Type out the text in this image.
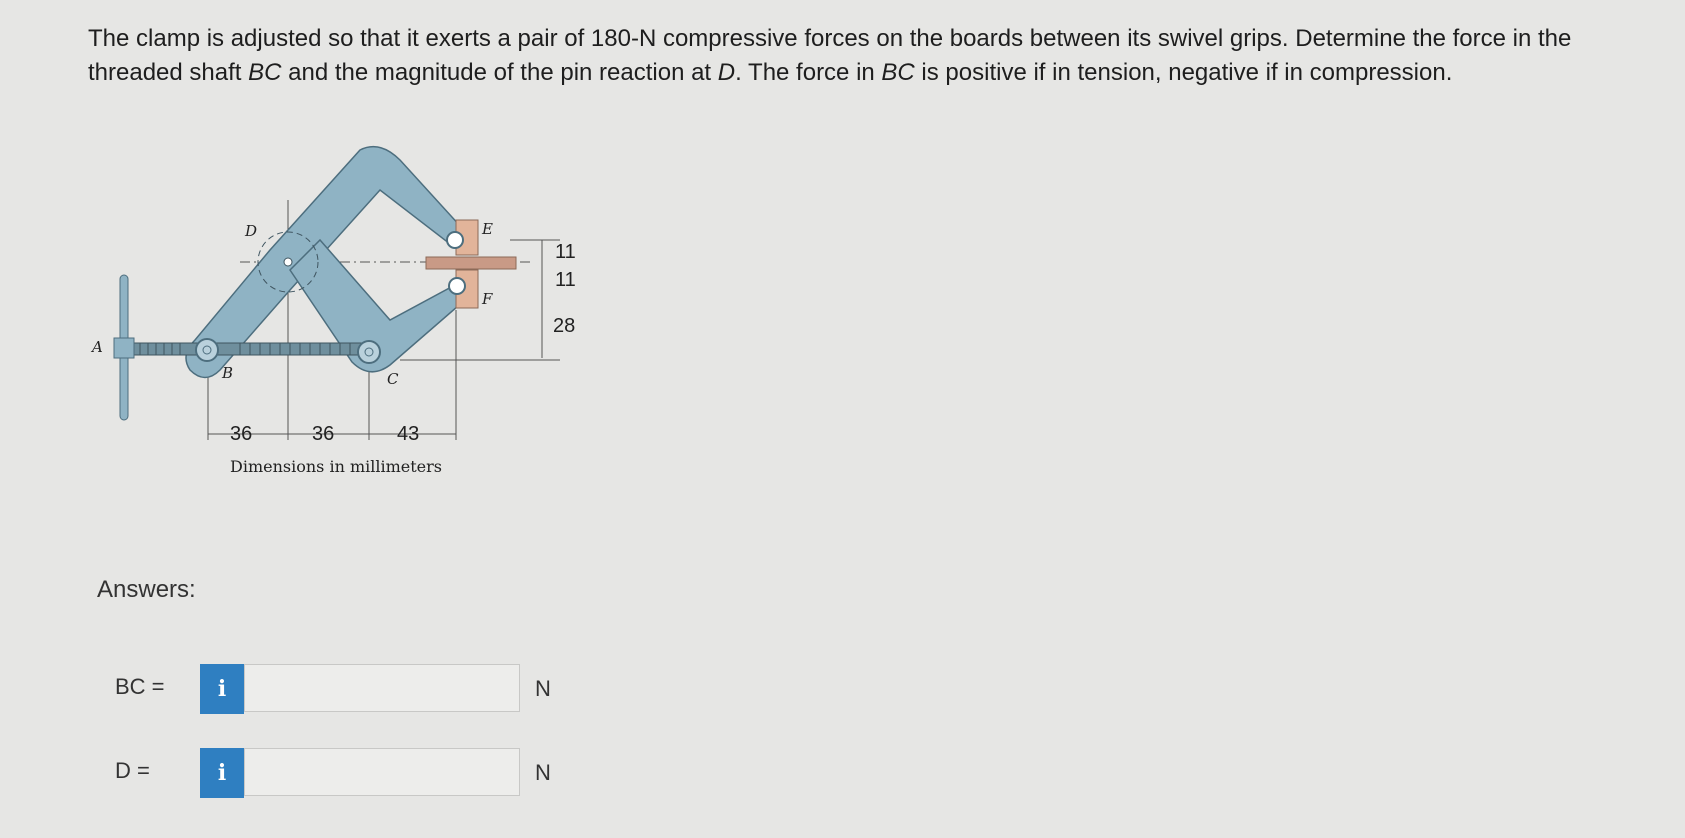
The clamp is adjusted so that it exerts a pair of 180-N compressive forces on the boards between its swivel grips. Determine the force in the threaded shaft BC and the magnitude of the pin reaction at D. The force in BC is positive if in tension, negative if in compression.
A
B	C
D	E
F
36	36	43
11
11
28
Dimensions in millimeters
Answers:
BC =	i	N
D =	i	N
